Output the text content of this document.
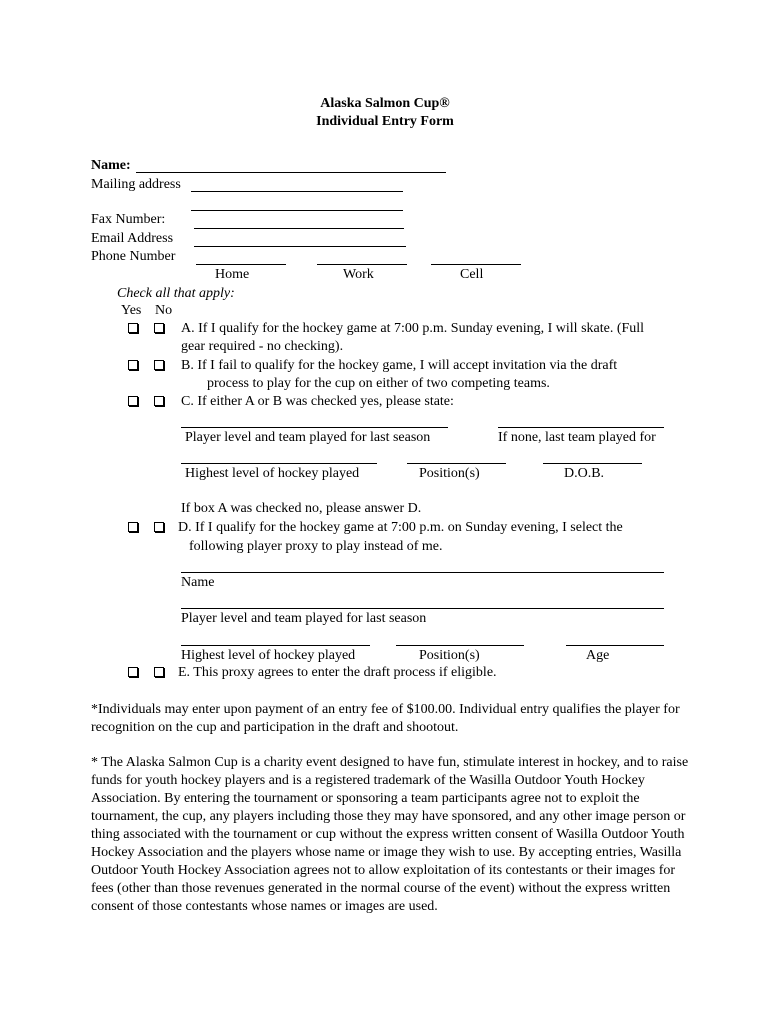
Alaska Salmon Cup®
Individual Entry Form
Name:
Mailing address
Fax Number:
Email Address
Phone Number
Home	Work	Cell
Check all that apply:
Yes No
A. If I qualify for the hockey game at 7:00 p.m. Sunday evening, I will skate. (Full
gear required - no checking).
B. If I fail to qualify for the hockey game, I will accept invitation via the draft
process to play for the cup on either of two competing teams.
C. If either A or B was checked yes, please state:
Player level and team played for last season	If none, last team played for
Highest level of hockey played	Position(s)	D.O.B.
If box A was checked no, please answer D.
D. If I qualify for the hockey game at 7:00 p.m. on Sunday evening, I select the
following player proxy to play instead of me.
Name
Player level and team played for last season
Highest level of hockey played	Position(s)	Age
E. This proxy agrees to enter the draft process if eligible.
*Individuals may enter upon payment of an entry fee of $100.00. Individual entry qualifies the player for recognition on the cup and participation in the draft and shootout.
* The Alaska Salmon Cup is a charity event designed to have fun, stimulate interest in hockey, and to raise funds for youth hockey players and is a registered trademark of the Wasilla Outdoor Youth Hockey Association. By entering the tournament or sponsoring a team participants agree not to exploit the tournament, the cup, any players including those they may have sponsored, and any other image person or thing associated with the tournament or cup without the express written consent of Wasilla Outdoor Youth Hockey Association and the players whose name or image they wish to use. By accepting entries, Wasilla Outdoor Youth Hockey Association agrees not to allow exploitation of its contestants or their images for fees (other than those revenues generated in the normal course of the event) without the express written consent of those contestants whose names or images are used.
